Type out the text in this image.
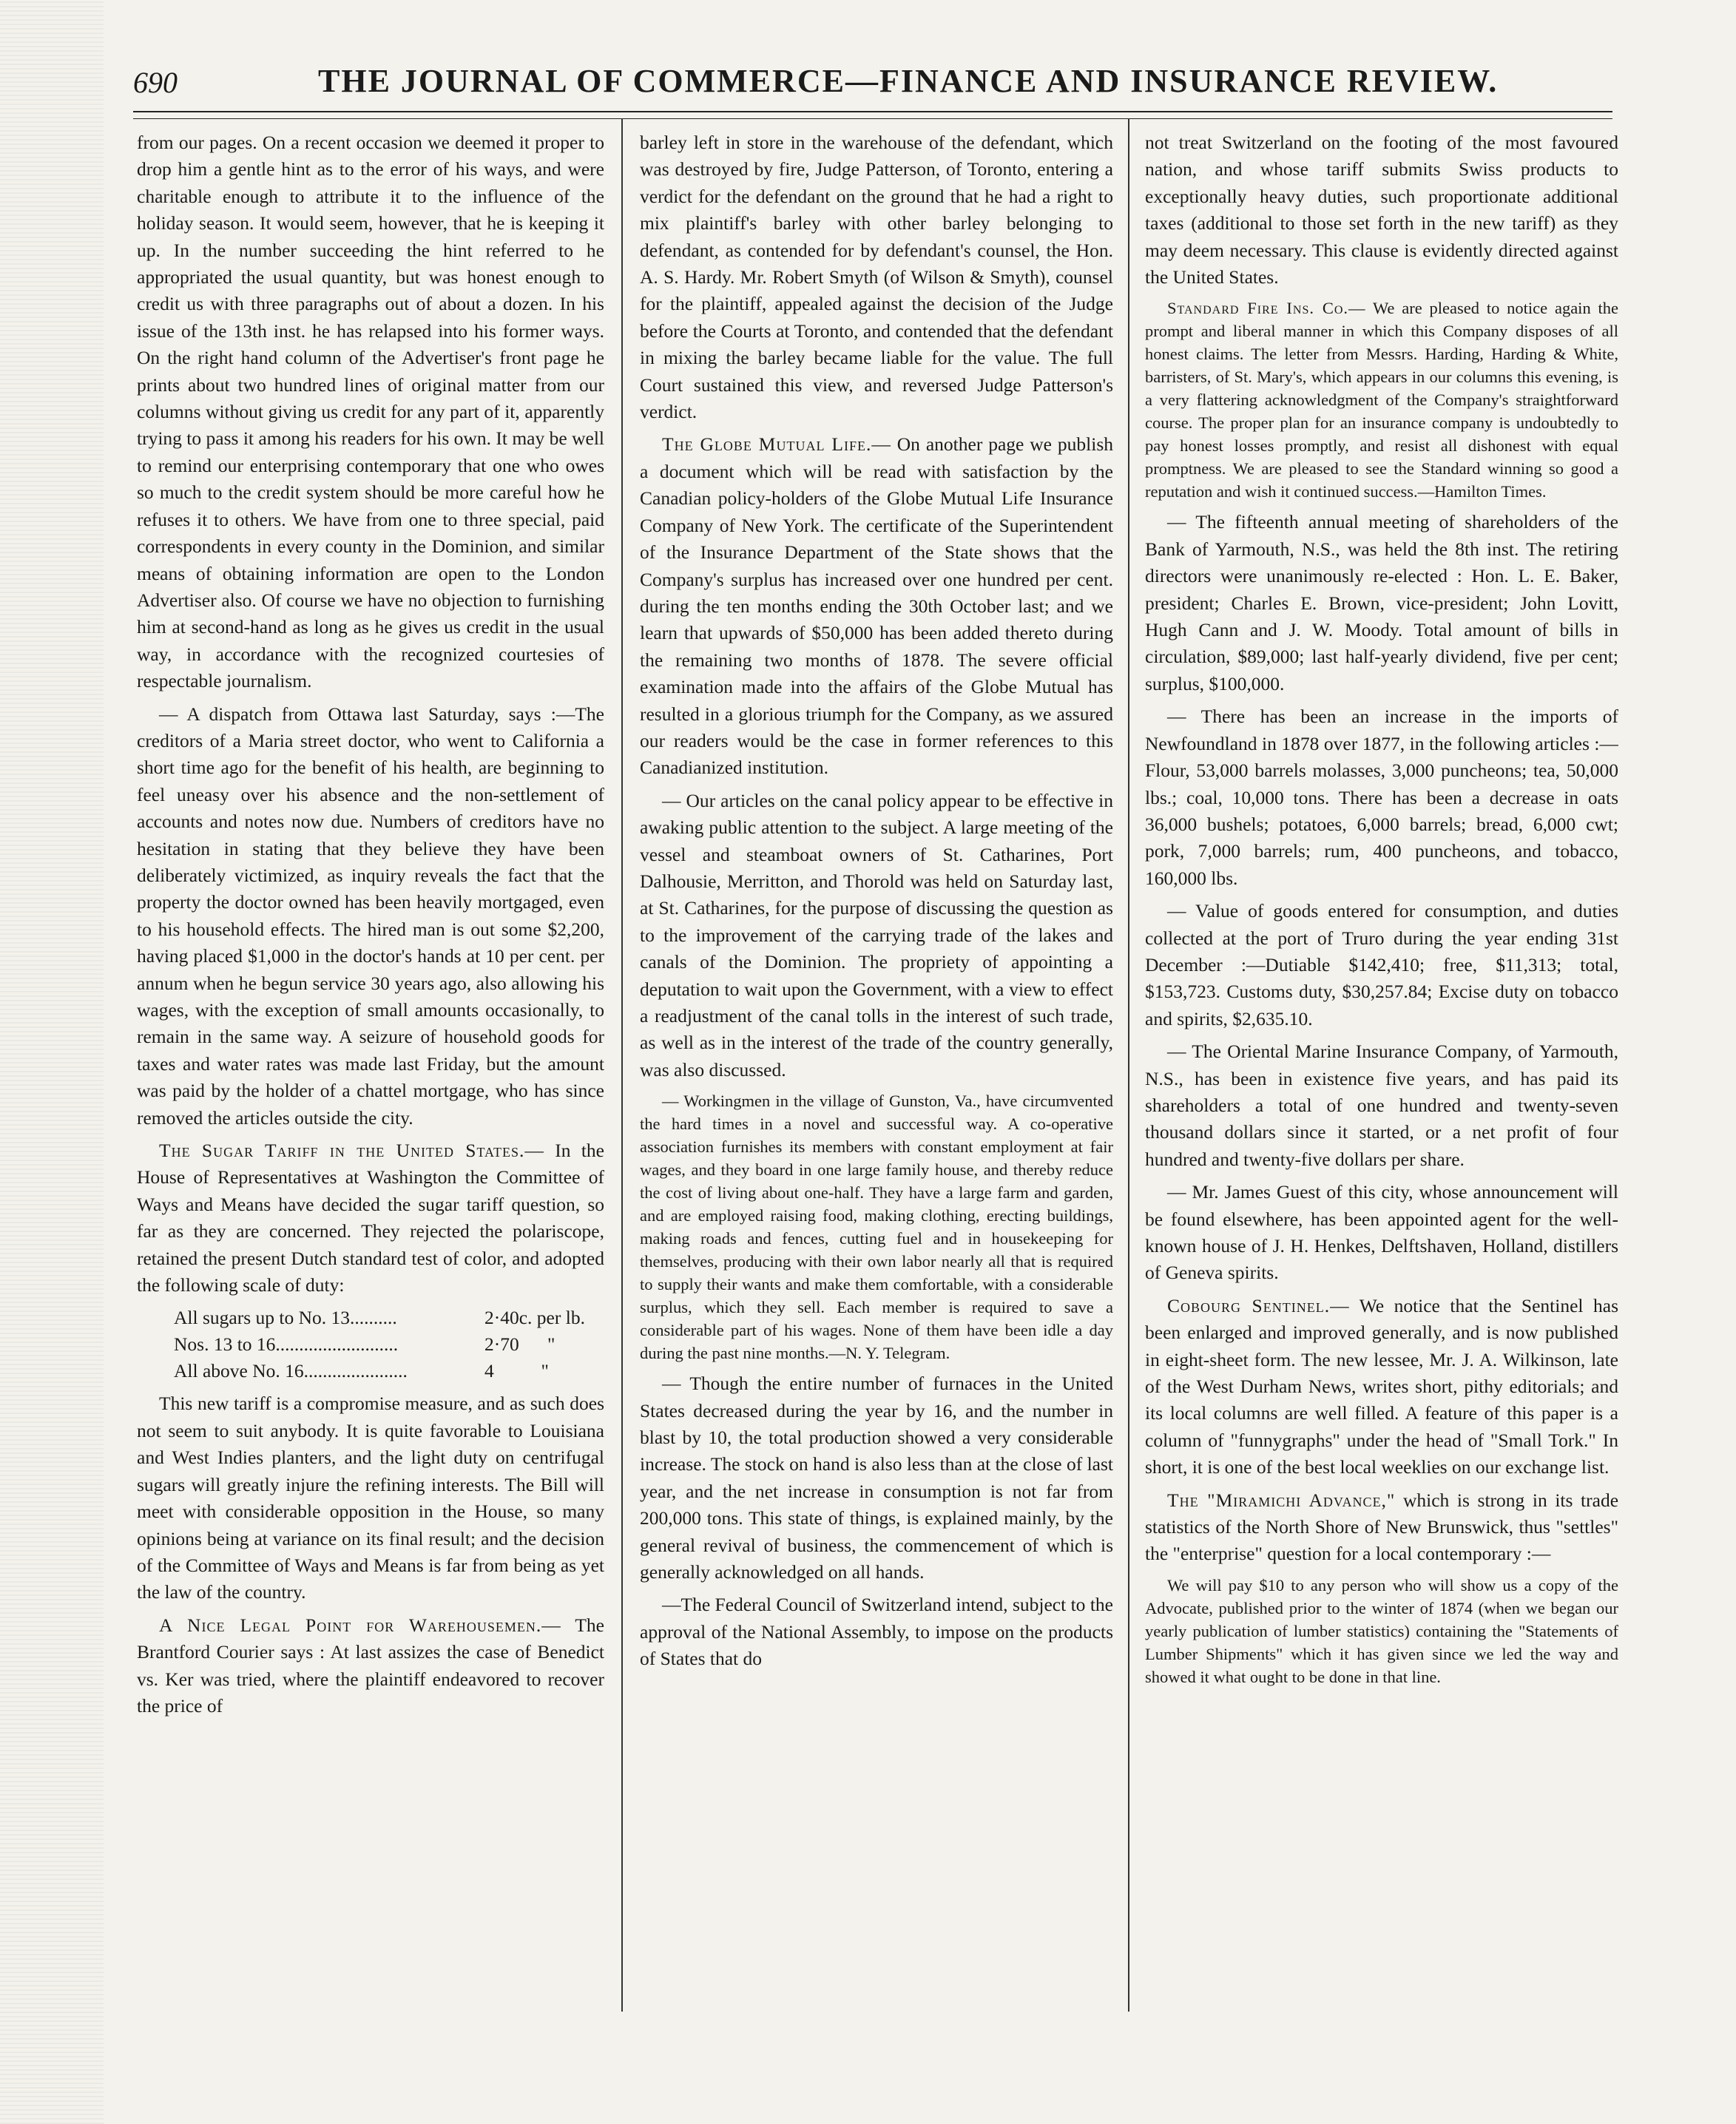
690	THE JOURNAL OF COMMERCE—FINANCE AND INSURANCE REVIEW.

from our pages. On a recent occasion we deemed it proper to drop him a gentle hint as to the error of his ways, and were charitable enough to attribute it to the influence of the holiday season. It would seem, however, that he is keeping it up. In the number succeeding the hint referred to he appropriated the usual quantity, but was honest enough to credit us with three paragraphs out of about a dozen. In his issue of the 13th inst. he has relapsed into his former ways. On the right hand column of the Advertiser's front page he prints about two hundred lines of original matter from our columns without giving us credit for any part of it, apparently trying to pass it among his readers for his own. It may be well to remind our enterprising contemporary that one who owes so much to the credit system should be more careful how he refuses it to others. We have from one to three special, paid correspondents in every county in the Dominion, and similar means of obtaining information are open to the London Advertiser also. Of course we have no objection to furnishing him at second-hand as long as he gives us credit in the usual way, in accordance with the recognized courtesies of respectable journalism.

— A dispatch from Ottawa last Saturday, says :—The creditors of a Maria street doctor, who went to California a short time ago for the benefit of his health, are beginning to feel uneasy over his absence and the non-settlement of accounts and notes now due. Numbers of creditors have no hesitation in stating that they believe they have been deliberately victimized, as inquiry reveals the fact that the property the doctor owned has been heavily mortgaged, even to his household effects. The hired man is out some $2,200, having placed $1,000 in the doctor's hands at 10 per cent. per annum when he begun service 30 years ago, also allowing his wages, with the exception of small amounts occasionally, to remain in the same way. A seizure of household goods for taxes and water rates was made last Friday, but the amount was paid by the holder of a chattel mortgage, who has since removed the articles outside the city.

The Sugar Tariff in the United States.— In the House of Representatives at Washington the Committee of Ways and Means have decided the sugar tariff question, so far as they are concerned. They rejected the polariscope, retained the present Dutch standard test of color, and adopted the following scale of duty:

All sugars up to No. 13..........	2·40c. per lb.
Nos. 13 to 16..........................	2·70      "
All above No. 16......................	4          "

This new tariff is a compromise measure, and as such does not seem to suit anybody. It is quite favorable to Louisiana and West Indies planters, and the light duty on centrifugal sugars will greatly injure the refining interests. The Bill will meet with considerable opposition in the House, so many opinions being at variance on its final result; and the decision of the Committee of Ways and Means is far from being as yet the law of the country.

A Nice Legal Point for Warehousemen.— The Brantford Courier says : At last assizes the case of Benedict vs. Ker was tried, where the plaintiff endeavored to recover the price of

barley left in store in the warehouse of the defendant, which was destroyed by fire, Judge Patterson, of Toronto, entering a verdict for the defendant on the ground that he had a right to mix plaintiff's barley with other barley belonging to defendant, as contended for by defendant's counsel, the Hon. A. S. Hardy. Mr. Robert Smyth (of Wilson & Smyth), counsel for the plaintiff, appealed against the decision of the Judge before the Courts at Toronto, and contended that the defendant in mixing the barley became liable for the value. The full Court sustained this view, and reversed Judge Patterson's verdict.

The Globe Mutual Life.— On another page we publish a document which will be read with satisfaction by the Canadian policy-holders of the Globe Mutual Life Insurance Company of New York. The certificate of the Superintendent of the Insurance Department of the State shows that the Company's surplus has increased over one hundred per cent. during the ten months ending the 30th October last; and we learn that upwards of $50,000 has been added thereto during the remaining two months of 1878. The severe official examination made into the affairs of the Globe Mutual has resulted in a glorious triumph for the Company, as we assured our readers would be the case in former references to this Canadianized institution.

— Our articles on the canal policy appear to be effective in awaking public attention to the subject. A large meeting of the vessel and steamboat owners of St. Catharines, Port Dalhousie, Merritton, and Thorold was held on Saturday last, at St. Catharines, for the purpose of discussing the question as to the improvement of the carrying trade of the lakes and canals of the Dominion. The propriety of appointing a deputation to wait upon the Government, with a view to effect a readjustment of the canal tolls in the interest of such trade, as well as in the interest of the trade of the country generally, was also discussed.

— Workingmen in the village of Gunston, Va., have circumvented the hard times in a novel and successful way. A co-operative association furnishes its members with constant employment at fair wages, and they board in one large family house, and thereby reduce the cost of living about one-half. They have a large farm and garden, and are employed raising food, making clothing, erecting buildings, making roads and fences, cutting fuel and in housekeeping for themselves, producing with their own labor nearly all that is required to supply their wants and make them comfortable, with a considerable surplus, which they sell. Each member is required to save a considerable part of his wages. None of them have been idle a day during the past nine months.—N. Y. Telegram.

— Though the entire number of furnaces in the United States decreased during the year by 16, and the number in blast by 10, the total production showed a very considerable increase. The stock on hand is also less than at the close of last year, and the net increase in consumption is not far from 200,000 tons. This state of things, is explained mainly, by the general revival of business, the commencement of which is generally acknowledged on all hands.

—The Federal Council of Switzerland intend, subject to the approval of the National Assembly, to impose on the products of States that do

not treat Switzerland on the footing of the most favoured nation, and whose tariff submits Swiss products to exceptionally heavy duties, such proportionate additional taxes (additional to those set forth in the new tariff) as they may deem necessary. This clause is evidently directed against the United States.

Standard Fire Ins. Co.— We are pleased to notice again the prompt and liberal manner in which this Company disposes of all honest claims. The letter from Messrs. Harding, Harding & White, barristers, of St. Mary's, which appears in our columns this evening, is a very flattering acknowledgment of the Company's straightforward course. The proper plan for an insurance company is undoubtedly to pay honest losses promptly, and resist all dishonest with equal promptness. We are pleased to see the Standard winning so good a reputation and wish it continued success.—Hamilton Times.

— The fifteenth annual meeting of shareholders of the Bank of Yarmouth, N.S., was held the 8th inst. The retiring directors were unanimously re-elected : Hon. L. E. Baker, president; Charles E. Brown, vice-president; John Lovitt, Hugh Cann and J. W. Moody. Total amount of bills in circulation, $89,000; last half-yearly dividend, five per cent; surplus, $100,000.

— There has been an increase in the imports of Newfoundland in 1878 over 1877, in the following articles :—Flour, 53,000 barrels molasses, 3,000 puncheons; tea, 50,000 lbs.; coal, 10,000 tons. There has been a decrease in oats 36,000 bushels; potatoes, 6,000 barrels; bread, 6,000 cwt; pork, 7,000 barrels; rum, 400 puncheons, and tobacco, 160,000 lbs.

— Value of goods entered for consumption, and duties collected at the port of Truro during the year ending 31st December :—Dutiable $142,410; free, $11,313; total, $153,723. Customs duty, $30,257.84; Excise duty on tobacco and spirits, $2,635.10.

— The Oriental Marine Insurance Company, of Yarmouth, N.S., has been in existence five years, and has paid its shareholders a total of one hundred and twenty-seven thousand dollars since it started, or a net profit of four hundred and twenty-five dollars per share.

— Mr. James Guest of this city, whose announcement will be found elsewhere, has been appointed agent for the well-known house of J. H. Henkes, Delftshaven, Holland, distillers of Geneva spirits.

Cobourg Sentinel.— We notice that the Sentinel has been enlarged and improved generally, and is now published in eight-sheet form. The new lessee, Mr. J. A. Wilkinson, late of the West Durham News, writes short, pithy editorials; and its local columns are well filled. A feature of this paper is a column of "funnygraphs" under the head of "Small Tork." In short, it is one of the best local weeklies on our exchange list.

The "Miramichi Advance," which is strong in its trade statistics of the North Shore of New Brunswick, thus "settles" the "enterprise" question for a local contemporary :—

We will pay $10 to any person who will show us a copy of the Advocate, published prior to the winter of 1874 (when we began our yearly publication of lumber statistics) containing the "Statements of Lumber Shipments" which it has given since we led the way and showed it what ought to be done in that line.
